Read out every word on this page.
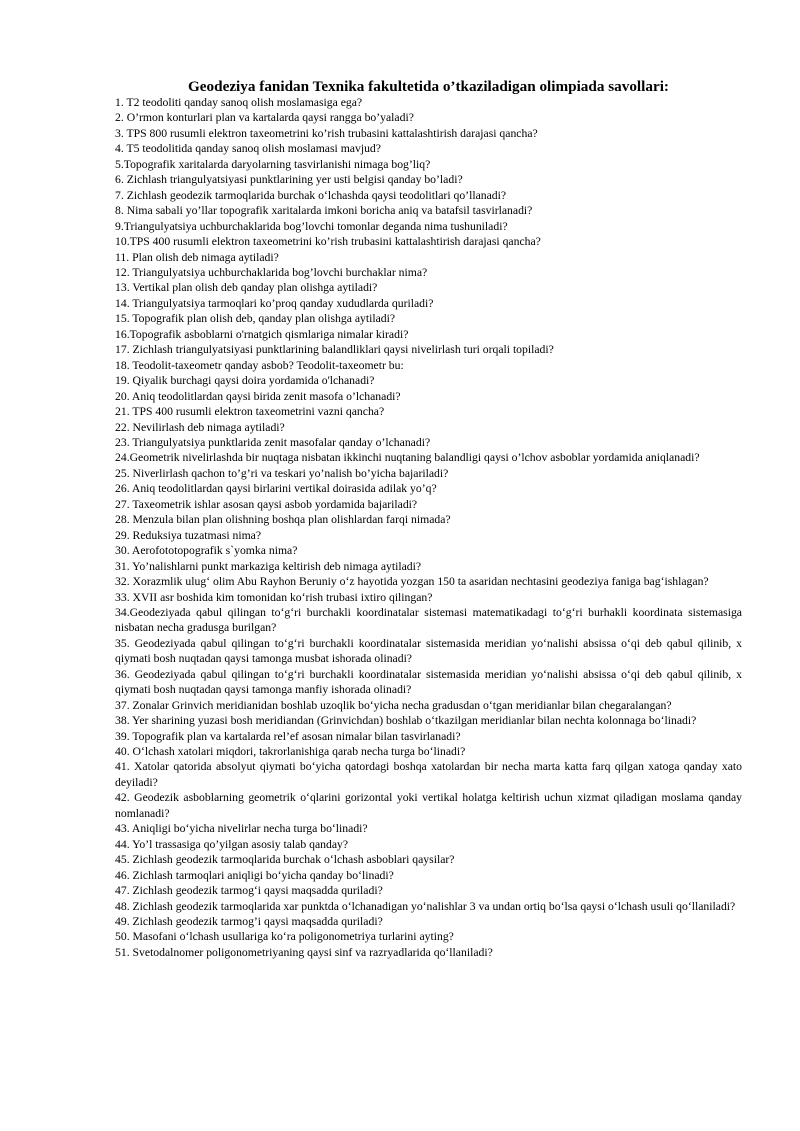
Geodeziya fanidan Texnika fakultetida o’tkaziladigan olimpiada savollari:
1. T2 teodoliti qanday sanoq olish moslamasiga ega?
2. O’rmon konturlari plan va kartalarda qaysi rangga bo’yaladi?
3. TPS 800 rusumli elektron taxeometrini ko’rish trubasini kattalashtirish darajasi qancha?
4. T5 teodolitida qanday sanoq olish moslamasi mavjud?
5.Topografik xaritalarda daryolarning tasvirlanishi nimaga bog’liq?
6. Zichlash triangulyatsiyasi punktlarining yer usti belgisi qanday bo’ladi?
7. Zichlash geodezik tarmoqlarida burchak o‘lchashda qaysi teodolitlari qo’llanadi?
8. Nima sabali yo’llar topografik xaritalarda imkoni boricha aniq va batafsil tasvirlanadi?
9.Triangulyatsiya uchburchaklarida bog’lovchi tomonlar deganda nima tushuniladi?
10.TPS 400 rusumli elektron taxeometrini ko’rish trubasini kattalashtirish darajasi qancha?
11. Plan olish deb nimaga aytiladi?
12. Triangulyatsiya uchburchaklarida bog’lovchi burchaklar nima?
13. Vertikal plan olish deb qanday plan olishga aytiladi?
14. Triangulyatsiya tarmoqlari ko’proq qanday xududlarda quriladi?
15. Topografik plan olish deb, qanday plan olishga aytiladi?
16.Topografik asboblarni o'rnatgich qismlariga nimalar kiradi?
17. Zichlash triangulyatsiyasi punktlarining balandliklari qaysi nivelirlash turi orqali topiladi?
18. Teodolit-taxeometr qanday asbob? Teodolit-taxeometr bu:
19. Qiyalik burchagi qaysi doira yordamida o'lchanadi?
20. Aniq teodolitlardan qaysi birida zenit masofa o’lchanadi?
21. TPS 400 rusumli elektron taxeometrini vazni qancha?
22. Nevilirlash deb nimaga aytiladi?
23. Triangulyatsiya punktlarida zenit masofalar qanday o’lchanadi?
24.Geometrik nivelirlashda bir nuqtaga nisbatan ikkinchi nuqtaning balandligi qaysi o’lchov asboblar yordamida aniqlanadi?
25. Niverlirlash qachon to’g’ri va teskari yo’nalish bo’yicha bajariladi?
26. Aniq teodolitlardan qaysi birlarini vertikal doirasida adilak yo’q?
27. Taxeometrik ishlar asosan qaysi asbob yordamida bajariladi?
28. Menzula bilan plan olishning boshqa plan olishlardan farqi nimada?
29. Reduksiya tuzatmasi nima?
30. Aerofototopografik s`yomka nima?
31. Yo’nalishlarni punkt markaziga keltirish deb nimaga aytiladi?
32. Xorazmlik ulug‘ olim Abu Rayhon Beruniy o‘z hayotida yozgan 150 ta asaridan nechtasini geodeziya faniga bag‘ishlagan?
33. XVII asr boshida kim tomonidan ko‘rish trubasi ixtiro qilingan?
34.Geodeziyada qabul qilingan to‘g‘ri burchakli koordinatalar sistemasi matematikadagi to‘g‘ri burhakli koordinata sistemasiga nisbatan necha gradusga burilgan?
35. Geodeziyada qabul qilingan to‘g‘ri burchakli koordinatalar sistemasida meridian yo‘nalishi absissa o‘qi deb qabul qilinib, x qiymati bosh nuqtadan qaysi tamonga musbat ishorada olinadi?
36. Geodeziyada qabul qilingan to‘g‘ri burchakli koordinatalar sistemasida meridian yo‘nalishi absissa o‘qi deb qabul qilinib, x qiymati bosh nuqtadan qaysi tamonga manfiy ishorada olinadi?
37. Zonalar Grinvich meridianidan boshlab uzoqlik bo‘yicha necha gradusdan o‘tgan meridianlar bilan chegaralangan?
38. Yer sharining yuzasi bosh meridiandan (Grinvichdan) boshlab o‘tkazilgan meridianlar bilan nechta kolonnaga bo‘linadi?
39. Topografik plan va kartalarda rel’ef asosan nimalar bilan tasvirlanadi?
40. O‘lchash xatolari miqdori, takrorlanishiga qarab necha turga bo‘linadi?
41. Xatolar qatorida absolyut qiymati bo‘yicha qatordagi boshqa xatolardan bir necha marta katta farq qilgan xatoga qanday xato deyiladi?
42. Geodezik asboblarning geometrik o‘qlarini gorizontal yoki vertikal holatga keltirish uchun xizmat qiladigan moslama qanday nomlanadi?
43. Aniqligi bo‘yicha nivelirlar necha turga bo‘linadi?
44. Yo’l trassasiga qo’yilgan asosiy talab qanday?
45. Zichlash geodezik tarmoqlarida burchak o‘lchash asboblari qaysilar?
46. Zichlash tarmoqlari aniqligi bo‘yicha qanday bo‘linadi?
47. Zichlash geodezik tarmog‘i qaysi maqsadda quriladi?
48. Zichlash geodezik tarmoqlarida xar punktda o‘lchanadigan yo‘nalishlar 3 va undan ortiq bo‘lsa qaysi o‘lchash usuli qo‘llaniladi?
49. Zichlash geodezik tarmog’i qaysi maqsadda quriladi?
50. Masofani o‘lchash usullariga ko‘ra poligonometriya turlarini ayting?
51. Svetodalnomer poligonometriyaning qaysi sinf va razryadlarida qo‘llaniladi?
